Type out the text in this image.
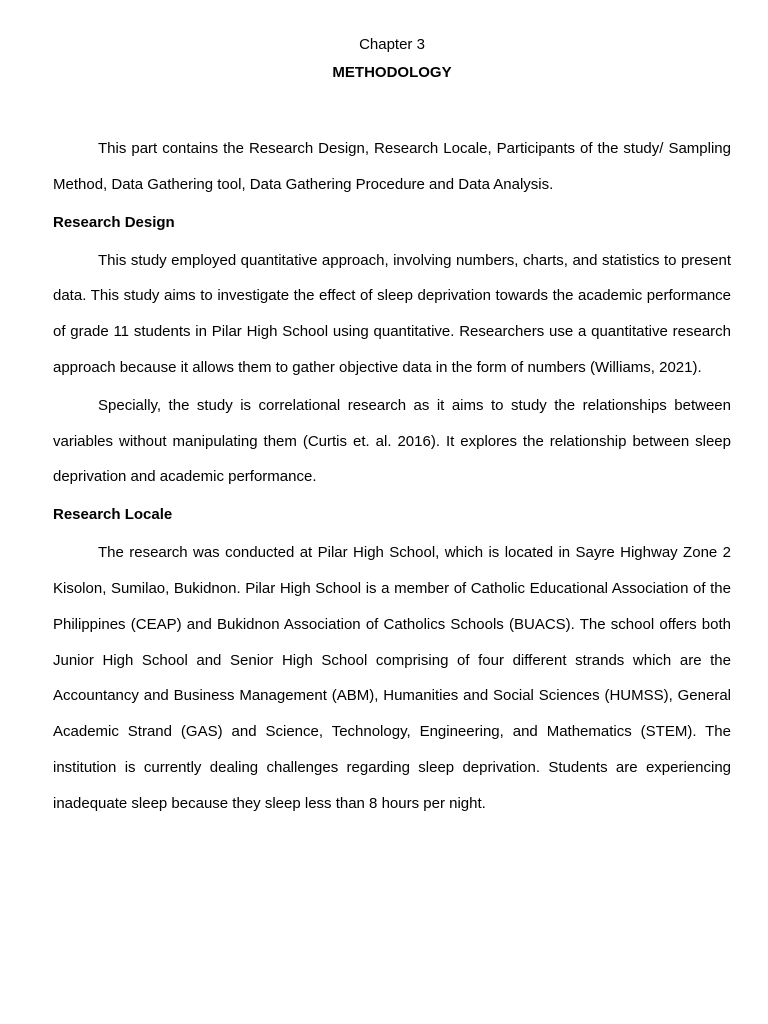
Chapter 3

METHODOLOGY

This part contains the Research Design, Research Locale, Participants of the study/ Sampling Method, Data Gathering tool, Data Gathering Procedure and Data Analysis.

Research Design

This study employed quantitative approach, involving numbers, charts, and statistics to present data. This study aims to investigate the effect of sleep deprivation towards the academic performance of grade 11 students in Pilar High School using quantitative. Researchers use a quantitative research approach because it allows them to gather objective data in the form of numbers (Williams, 2021).

Specially, the study is correlational research as it aims to study the relationships between variables without manipulating them (Curtis et. al. 2016). It explores the relationship between sleep deprivation and academic performance.

Research Locale

The research was conducted at Pilar High School, which is located in Sayre Highway Zone 2 Kisolon, Sumilao, Bukidnon. Pilar High School is a member of Catholic Educational Association of the Philippines (CEAP) and Bukidnon Association of Catholics Schools (BUACS). The school offers both Junior High School and Senior High School comprising of four different strands which are the Accountancy and Business Management (ABM), Humanities and Social Sciences (HUMSS), General Academic Strand (GAS) and Science, Technology, Engineering, and Mathematics (STEM). The institution is currently dealing challenges regarding sleep deprivation. Students are experiencing inadequate sleep because they sleep less than 8 hours per night.
